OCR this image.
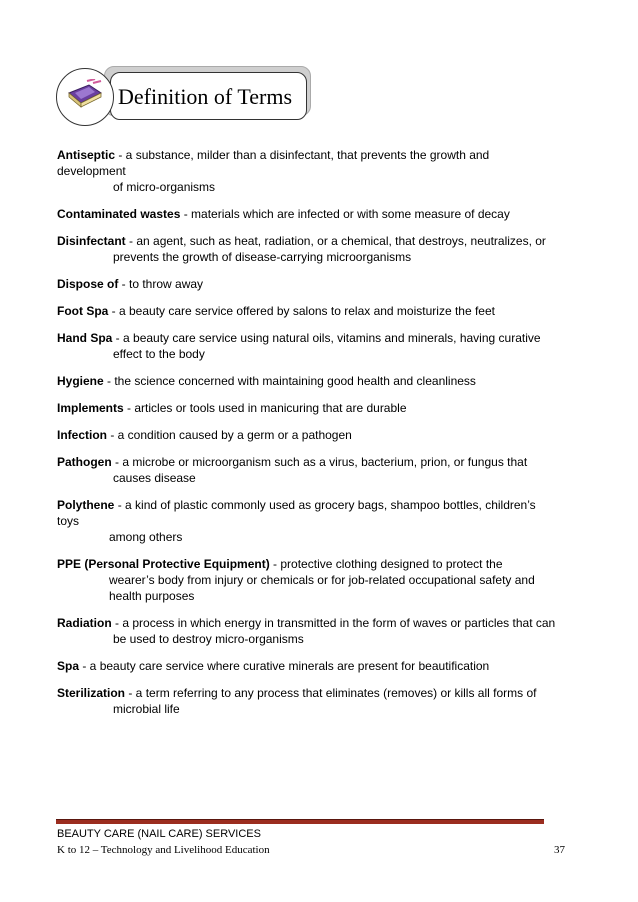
Definition of Terms
Antiseptic - a substance, milder than a disinfectant, that prevents the growth and development
of micro-organisms
Contaminated wastes - materials which are infected or with some measure of decay
Disinfectant - an agent, such as heat, radiation, or a chemical, that destroys, neutralizes, or
prevents the growth of disease-carrying microorganisms
Dispose of - to throw away
Foot Spa - a beauty care service offered by salons to relax and moisturize the feet
Hand Spa - a beauty care service using natural oils, vitamins and minerals, having curative
effect to the body
Hygiene - the science concerned with maintaining good health and cleanliness
Implements - articles or tools used in manicuring that are durable
Infection - a condition caused by a germ or a pathogen
Pathogen - a microbe or microorganism such as a virus, bacterium, prion, or fungus that
causes disease
Polythene - a kind of plastic commonly used as grocery bags, shampoo bottles, children’s toys
among others
PPE (Personal Protective Equipment) - protective clothing designed to protect the
wearer’s body from injury or chemicals or for job-related occupational safety and health purposes
Radiation - a process in which energy in transmitted in the form of waves or particles that can
be used to destroy micro-organisms
Spa - a beauty care service where curative minerals are present for beautification
Sterilization - a term referring to any process that eliminates (removes) or kills all forms of
microbial life
BEAUTY CARE (NAIL CARE) SERVICES
K to 12 – Technology and Livelihood Education	37
